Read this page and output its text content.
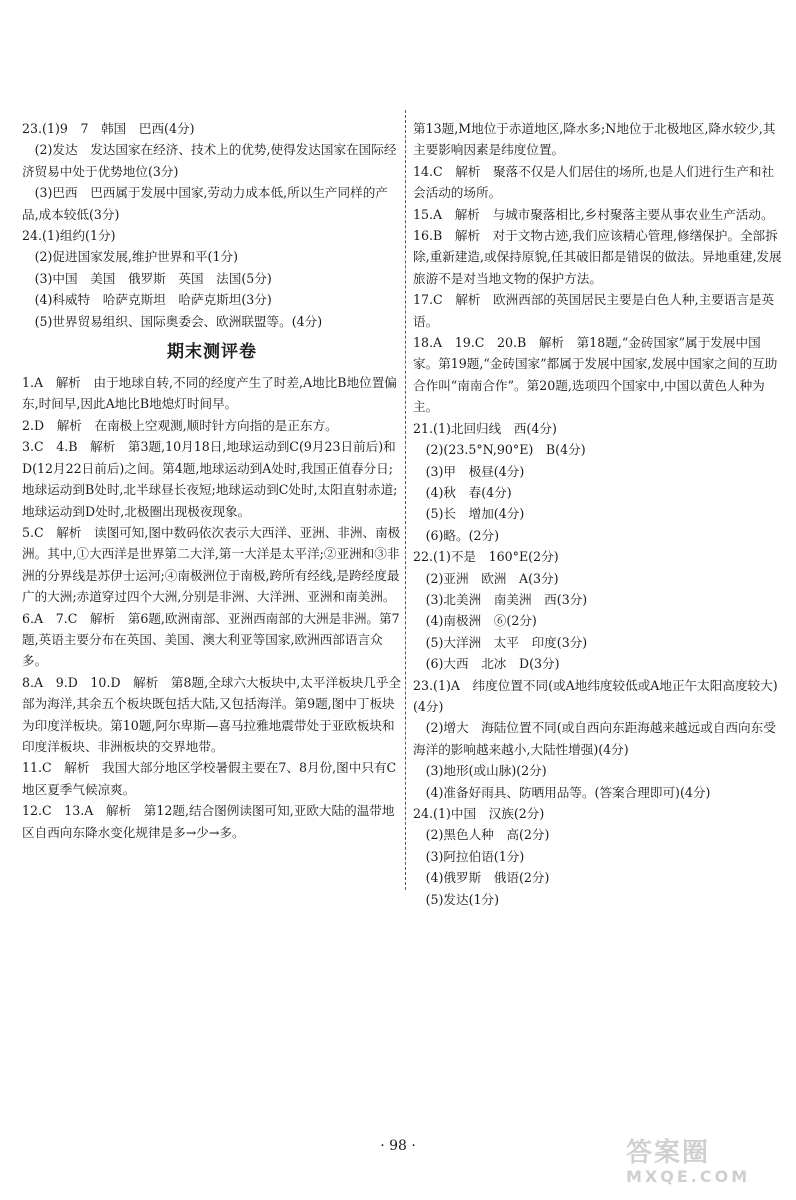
23.(1)9　7　韩国　巴西(4分)

　(2)发达　发达国家在经济、技术上的优势,使得发达国家在国际经济贸易中处于优势地位(3分)

　(3)巴西　巴西属于发展中国家,劳动力成本低,所以生产同样的产品,成本较低(3分)

24.(1)组约(1分)

　(2)促进国家发展,维护世界和平(1分)

　(3)中国　美国　俄罗斯　英国　法国(5分)

　(4)科威特　哈萨克斯坦　哈萨克斯坦(3分)

　(5)世界贸易组织、国际奥委会、欧洲联盟等。(4分)

期末测评卷

1.A　解析　由于地球自转,不同的经度产生了时差,A地比B地位置偏东,时间早,因此A地比B地熄灯时间早。

2.D　解析　在南极上空观测,顺时针方向指的是正东方。

3.C　4.B　解析　第3题,10月18日,地球运动到C(9月23日前后)和D(12月22日前后)之间。第4题,地球运动到A处时,我国正值春分日;地球运动到B处时,北半球昼长夜短;地球运动到C处时,太阳直射赤道;地球运动到D处时,北极圈出现极夜现象。

5.C　解析　读图可知,图中数码依次表示大西洋、亚洲、非洲、南极洲。其中,①大西洋是世界第二大洋,第一大洋是太平洋;②亚洲和③非洲的分界线是苏伊士运河;④南极洲位于南极,跨所有经线,是跨经度最广的大洲;赤道穿过四个大洲,分别是非洲、大洋洲、亚洲和南美洲。

6.A　7.C　解析　第6题,欧洲南部、亚洲西南部的大洲是非洲。第7题,英语主要分布在英国、美国、澳大利亚等国家,欧洲西部语言众多。

8.A　9.D　10.D　解析　第8题,全球六大板块中,太平洋板块几乎全部为海洋,其余五个板块既包括大陆,又包括海洋。第9题,图中丁板块为印度洋板块。第10题,阿尔卑斯—喜马拉雅地震带处于亚欧板块和印度洋板块、非洲板块的交界地带。

11.C　解析　我国大部分地区学校暑假主要在7、8月份,图中只有C地区夏季气候凉爽。

12.C　13.A　解析　第12题,结合图例读图可知,亚欧大陆的温带地区自西向东降水变化规律是多→少→多。

第13题,M地位于赤道地区,降水多;N地位于北极地区,降水较少,其主要影响因素是纬度位置。

14.C　解析　聚落不仅是人们居住的场所,也是人们进行生产和社会活动的场所。

15.A　解析　与城市聚落相比,乡村聚落主要从事农业生产活动。

16.B　解析　对于文物古迹,我们应该精心管理,修缮保护。全部拆除,重新建造,或保持原貌,任其破旧都是错误的做法。异地重建,发展旅游不是对当地文物的保护方法。

17.C　解析　欧洲西部的英国居民主要是白色人种,主要语言是英语。

18.A　19.C　20.B　解析　第18题,“金砖国家”属于发展中国家。第19题,“金砖国家”都属于发展中国家,发展中国家之间的互助合作叫“南南合作”。第20题,选项四个国家中,中国以黄色人种为主。

21.(1)北回归线　西(4分)

　(2)(23.5°N,90°E)　B(4分)

　(3)甲　极昼(4分)

　(4)秋　春(4分)

　(5)长　增加(4分)

　(6)略。(2分)

22.(1)不是　160°E(2分)

　(2)亚洲　欧洲　A(3分)

　(3)北美洲　南美洲　西(3分)

　(4)南极洲　⑥(2分)

　(5)大洋洲　太平　印度(3分)

　(6)大西　北冰　D(3分)

23.(1)A　纬度位置不同(或A地纬度较低或A地正午太阳高度较大)(4分)

　(2)增大　海陆位置不同(或自西向东距海越来越远或自西向东受海洋的影响越来越小,大陆性增强)(4分)

　(3)地形(或山脉)(2分)

　(4)准备好雨具、防晒用品等。(答案合理即可)(4分)

24.(1)中国　汉族(2分)

　(2)黑色人种　高(2分)

　(3)阿拉伯语(1分)

　(4)俄罗斯　俄语(2分)

　(5)发达(1分)

· 98 ·	答案圈
MXQE.COM
